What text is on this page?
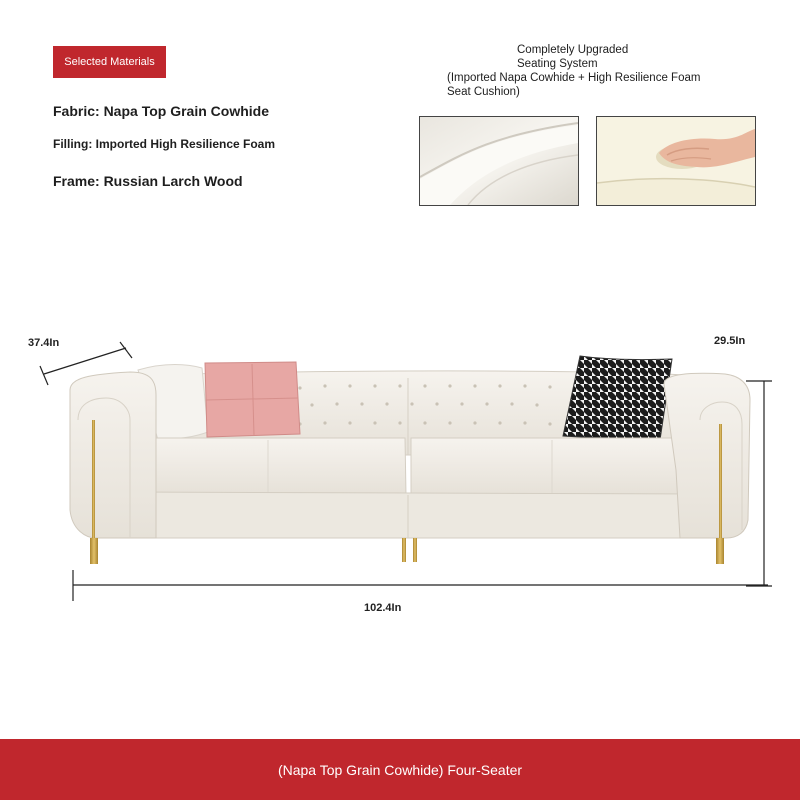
Selected Materials
Fabric: Napa Top Grain Cowhide
Filling: Imported High Resilience Foam
Frame: Russian Larch Wood
Completely Upgraded
Seating System
(Imported Napa Cowhide + High Resilience Foam
Seat Cushion)
37.4In	29.5In
102.4In
(Napa Top Grain Cowhide) Four-Seater
